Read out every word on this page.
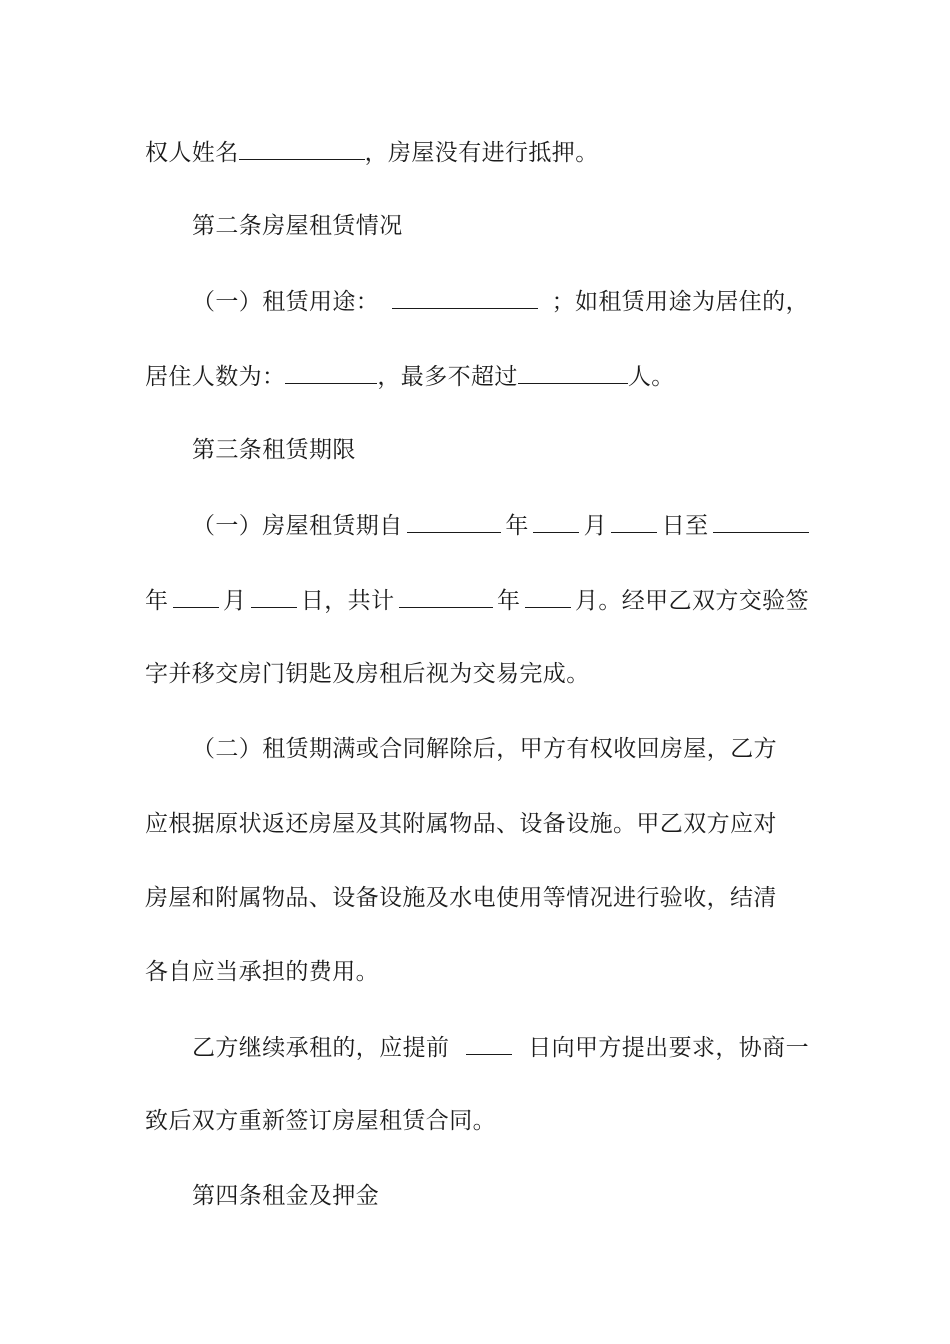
权人姓名	，房屋没有进行抵押。
第二条房屋租赁情况
（一）租赁用途：	；如租赁用途为居住的，
居住人数为：	，最多不超过	人。
第三条租赁期限
（一）房屋租赁期自	年 月 日至
年 月 日，共计	年 月。经甲乙双方交验签
字并移交房门钥匙及房租后视为交易完成。
（二）租赁期满或合同解除后，甲方有权收回房屋，乙方
应根据原状返还房屋及其附属物品、设备设施。甲乙双方应对
房屋和附属物品、设备设施及水电使用等情况进行验收，结清
各自应当承担的费用。
乙方继续承租的，应提前	日向甲方提出要求，协商一
致后双方重新签订房屋租赁合同。
第四条租金及押金
